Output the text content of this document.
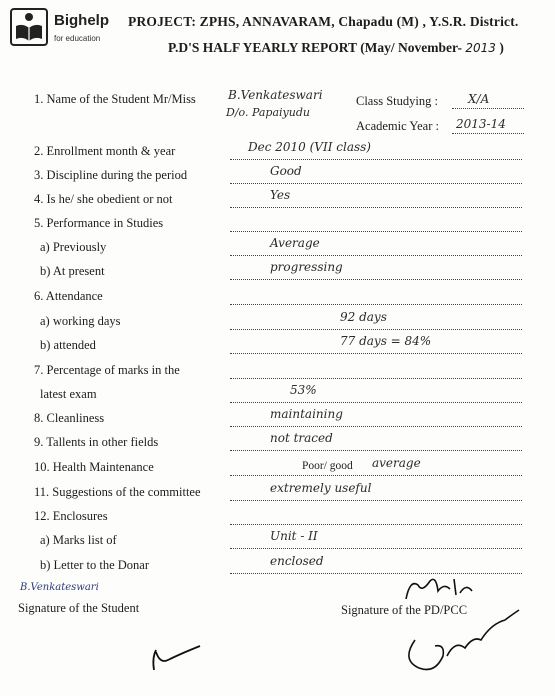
Bighelp
for education
PROJECT: ZPHS, ANNAVARAM, Chapadu (M) , Y.S.R. District.
P.D'S HALF YEARLY REPORT (May/ November- 2013 )
1. Name of the Student Mr/Miss	B.Venkateswari
D/o. Papaiyudu
Class Studying :	X/A
Academic Year : 2013-14
2. Enrollment month & year	Dec 2010 (VII class)
3. Discipline during the period	Good
4. Is he/ she obedient or not	Yes
5. Performance in Studies
a) Previously	Average
b) At present	progressing
6. Attendance
a) working days	92 days
b) attended	77 days = 84%
7. Percentage of marks in the
latest exam	53%
8. Cleanliness	maintaining
9. Tallents in other fields	not traced
10. Health Maintenance	Poor/ good average
11. Suggestions of the committee	extremely useful
12. Enclosures
a) Marks list of	Unit - II
b) Letter to the Donar	enclosed
B.Venkateswari
Signature of the Student	Signature of the PD/PCC
